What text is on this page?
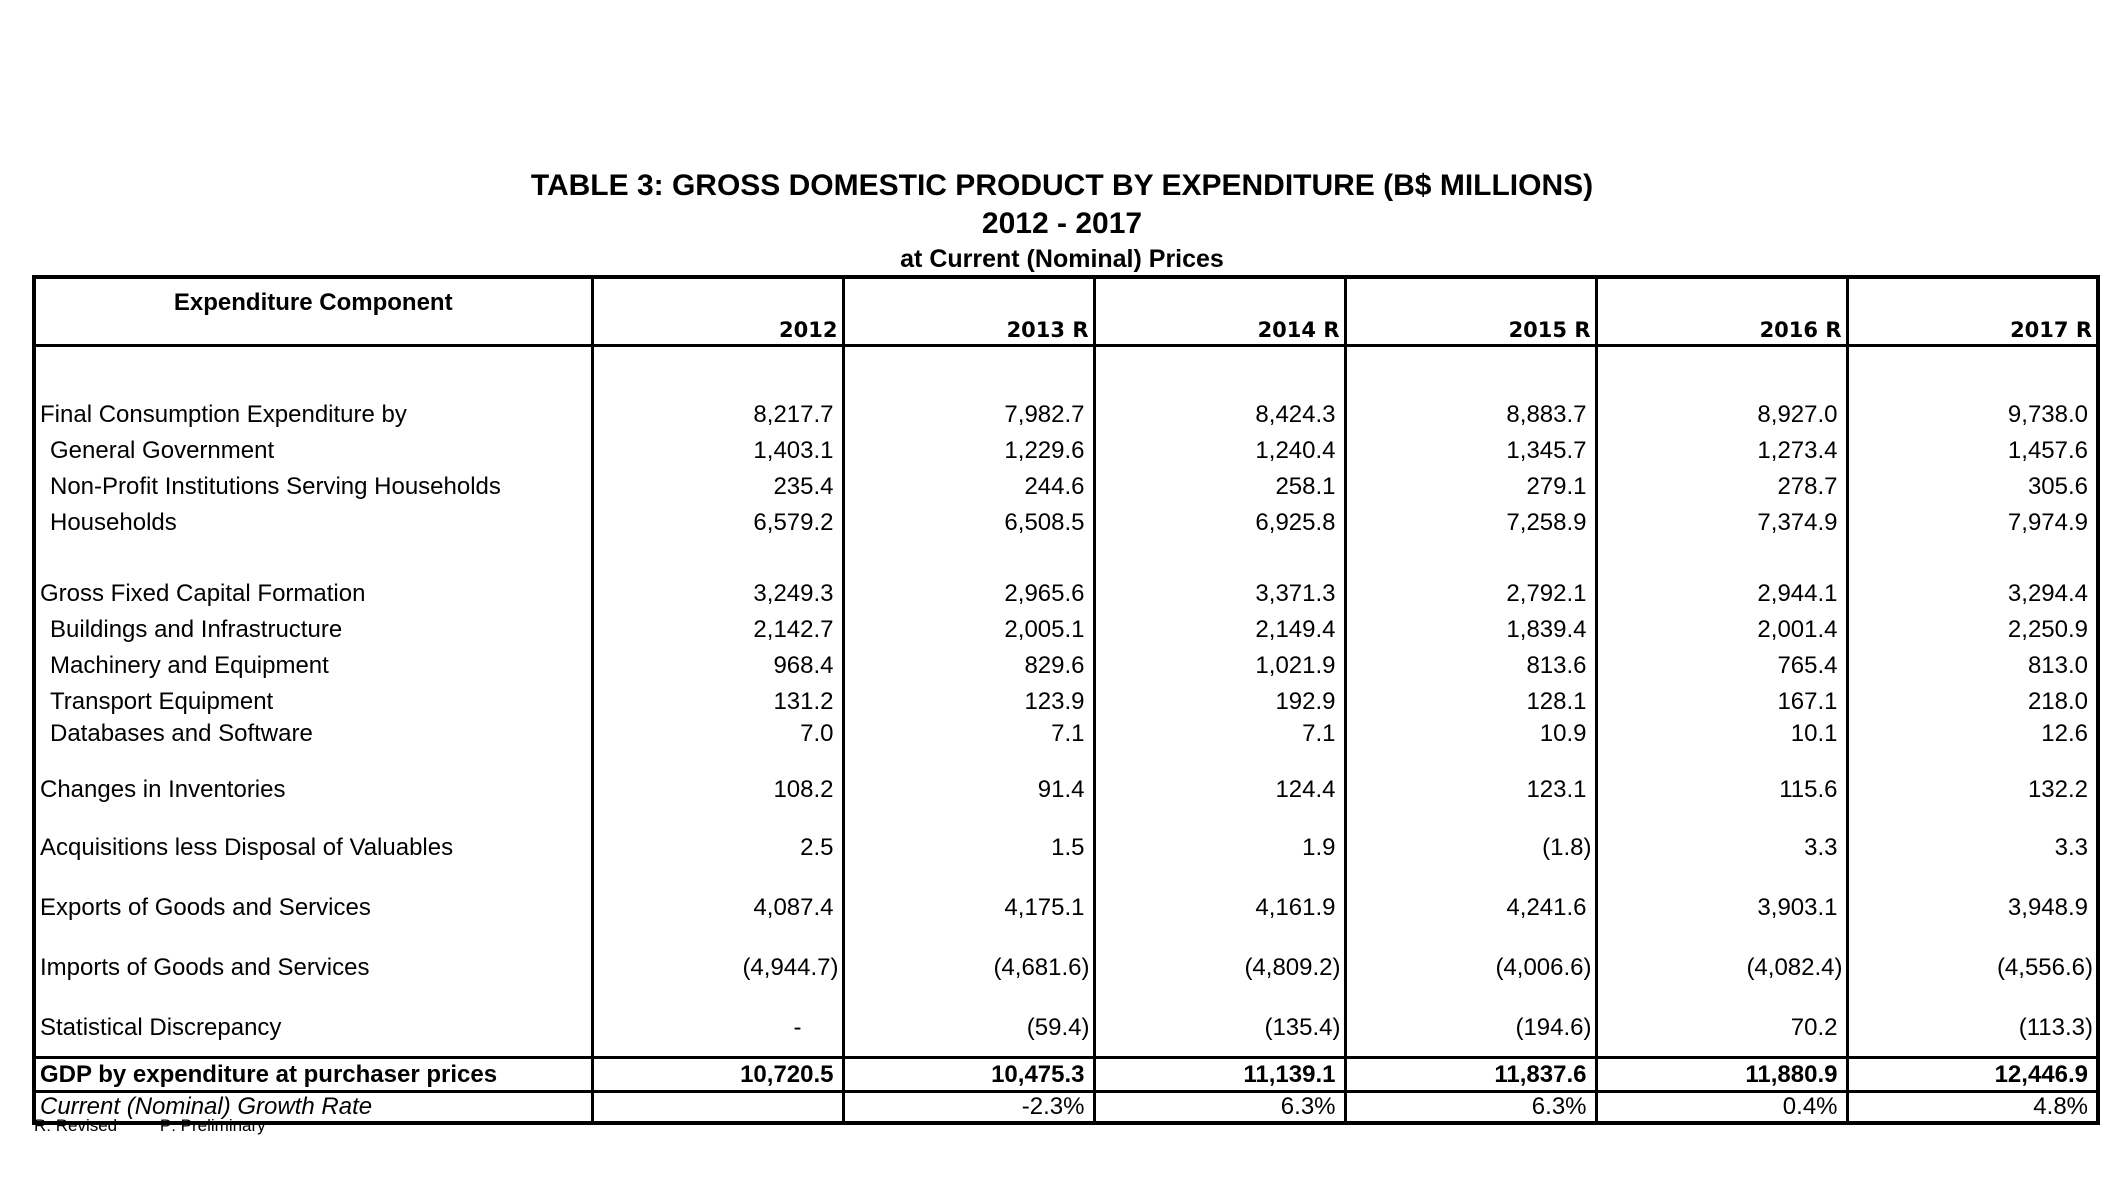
TABLE 3: GROSS DOMESTIC PRODUCT BY EXPENDITURE (B$ MILLIONS)
2012 - 2017
at Current (Nominal) Prices
Expenditure Component	2012	2013 R	2014 R	2015 R	2016 R	2017 R

Final Consumption Expenditure by	8,217.7	7,982.7	8,424.3	8,883.7	8,927.0	9,738.0
General Government	1,403.1	1,229.6	1,240.4	1,345.7	1,273.4	1,457.6
Non-Profit Institutions Serving Households	235.4	244.6	258.1	279.1	278.7	305.6
Households	6,579.2	6,508.5	6,925.8	7,258.9	7,374.9	7,974.9

Gross Fixed Capital Formation	3,249.3	2,965.6	3,371.3	2,792.1	2,944.1	3,294.4
Buildings and Infrastructure	2,142.7	2,005.1	2,149.4	1,839.4	2,001.4	2,250.9
Machinery and Equipment	968.4	829.6	1,021.9	813.6	765.4	813.0
Transport Equipment	131.2	123.9	192.9	128.1	167.1	218.0
Databases and Software	7.0	7.1	7.1	10.9	10.1	12.6

Changes in Inventories	108.2	91.4	124.4	123.1	115.6	132.2

Acquisitions less Disposal of Valuables	2.5	1.5	1.9	(1.8)	3.3	3.3

Exports of Goods and Services	4,087.4	4,175.1	4,161.9	4,241.6	3,903.1	3,948.9

Imports of Goods and Services	(4,944.7)	(4,681.6)	(4,809.2)	(4,006.6)	(4,082.4)	(4,556.6)

Statistical Discrepancy	-	(59.4)	(135.4)	(194.6)	70.2	(113.3)

GDP by expenditure at purchaser prices	10,720.5	10,475.3	11,139.1	11,837.6	11,880.9	12,446.9
Current (Nominal) Growth Rate		-2.3%	6.3%	6.3%	0.4%	4.8%
R: Revised	P: Preliminary
